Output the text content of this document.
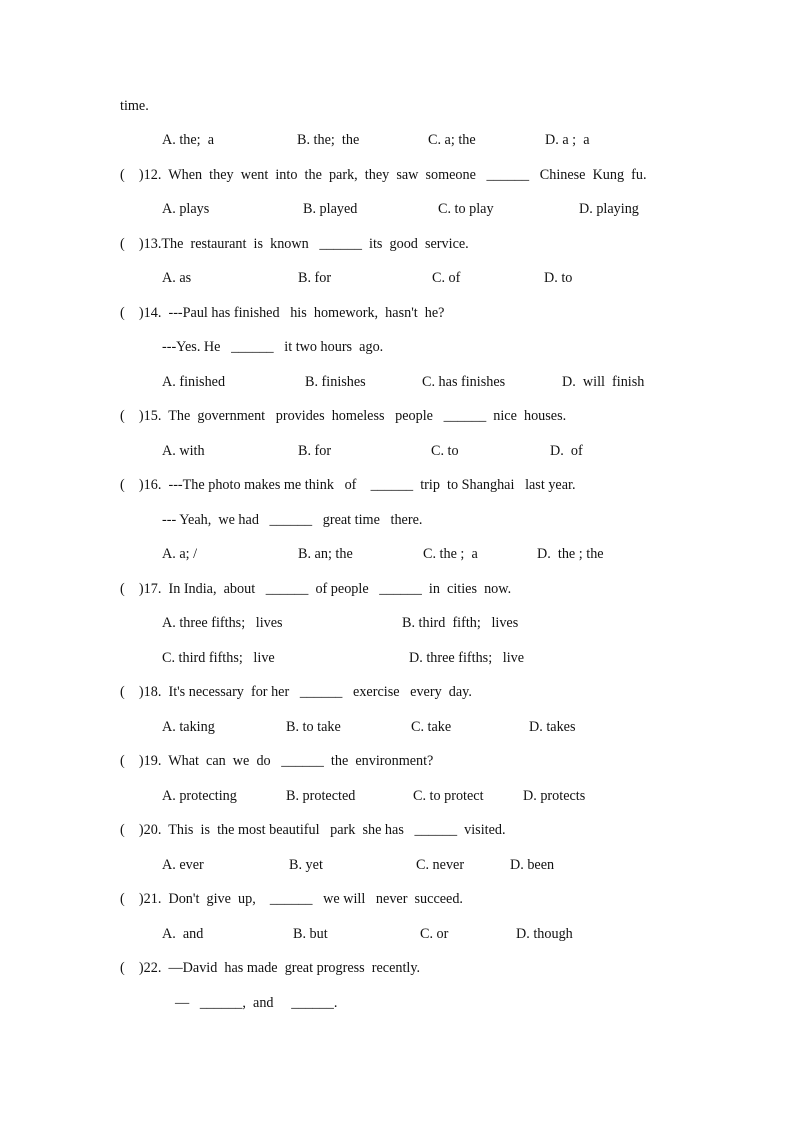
time.
A. the;  a	B. the;  the	C. a; the	D. a ;  a
(    )12.  When  they  went  into  the  park,  they  saw  someone   ______   Chinese  Kung  fu.
A. plays	B. played	C. to play	D. playing
(    )13.The  restaurant  is  known   ______  its  good  service.
A. as	B. for	C. of	D. to
(    )14.  ---Paul has finished   his  homework,  hasn't  he?
---Yes. He   ______   it two hours  ago.
A. finished	B. finishes	C. has finishes	D.  will  finish
(    )15.  The  government   provides  homeless   people   ______  nice  houses.
A. with	B. for	C. to	D.  of
(    )16.  ---The photo makes me think   of    ______  trip  to Shanghai   last year.
--- Yeah,  we had   ______   great time   there.
A. a; /	B. an; the	C. the ;  a	D.  the ; the
(    )17.  In India,  about   ______  of people   ______  in  cities  now.
A. three fifths;   lives	B. third  fifth;   lives
C. third fifths;   live	D. three fifths;   live
(    )18.  It's necessary  for her   ______   exercise   every  day.
A. taking	B. to take	C. take	D. takes
(    )19.  What  can  we  do   ______  the  environment?
A. protecting	B. protected	C. to protect	D. protects
(    )20.  This  is  the most beautiful   park  she has   ______  visited.
A. ever	B. yet	C. never	D. been
(    )21.  Don't  give  up,    ______   we will   never  succeed.
A.  and	B. but	C. or	D. though
(    )22.  —David  has made  great progress  recently.
—   ______,  and     ______.
